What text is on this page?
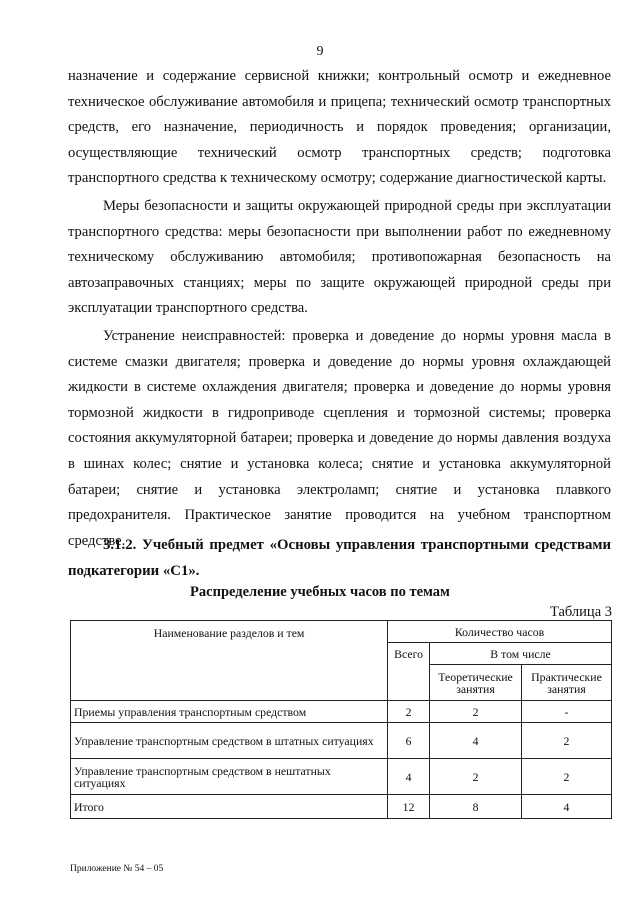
9

назначение и содержание сервисной книжки; контрольный осмотр и ежедневное техническое обслуживание автомобиля и прицепа; технический осмотр транспортных средств, его назначение, периодичность и порядок проведения; организации, осуществляющие технический осмотр транспортных средств; подготовка транспортного средства к техническому осмотру; содержание диагностической карты.

Меры безопасности и защиты окружающей природной среды при эксплуатации транспортного средства: меры безопасности при выполнении работ по ежедневному техническому обслуживанию автомобиля; противопожарная безопасность на автозаправочных станциях; меры по защите окружающей природной среды при эксплуатации транспортного средства.

Устранение неисправностей: проверка и доведение до нормы уровня масла в системе смазки двигателя; проверка и доведение до нормы уровня охлаждающей жидкости в системе охлаждения двигателя; проверка и доведение до нормы уровня тормозной жидкости в гидроприводе сцепления и тормозной системы; проверка состояния аккумуляторной батареи; проверка и доведение до нормы давления воздуха в шинах колес; снятие и установка колеса; снятие и установка аккумуляторной батареи; снятие и установка электроламп; снятие и установка плавкого предохранителя. Практическое занятие проводится на учебном транспортном средстве.

3.1.2. Учебный предмет «Основы управления транспортными средствами подкатегории «C1».
Распределение учебных часов по темам
Таблица 3
Наименование разделов и тем	Количество часов		
	Всего	В том числе	
		Теоретические занятия	Практические занятия
Приемы управления транспортным средством	2	2	-
Управление транспортным средством в штатных ситуациях	6	4	2
Управление транспортным средством в нештатных ситуациях	4	2	2
Итого	12	8	4
Приложение № 54 – 05
